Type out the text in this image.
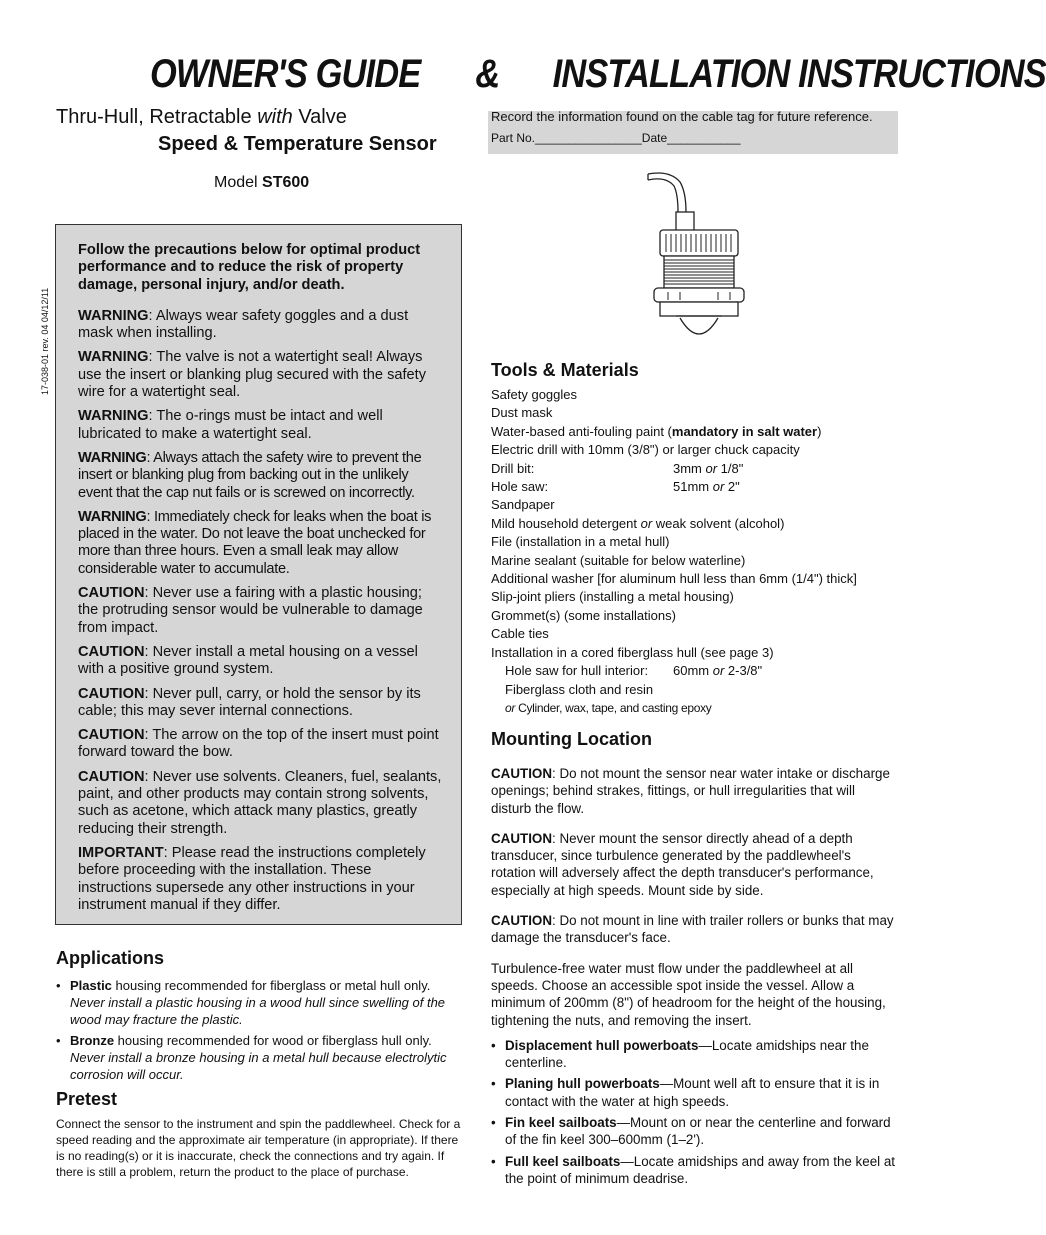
OWNER'S GUIDE & INSTALLATION INSTRUCTIONS
Thru-Hull, Retractable with Valve
Speed & Temperature Sensor
Model ST600
Record the information found on the cable tag for future reference.
Part No.________________Date___________
17-038-01 rev. 04 04/12/11

Follow the precautions below for optimal product performance and to reduce the risk of property damage, personal injury, and/or death.

WARNING: Always wear safety goggles and a dust mask when installing.

WARNING: The valve is not a watertight seal! Always use the insert or blanking plug secured with the safety wire for a watertight seal.

WARNING: The o-rings must be intact and well lubricated to make a watertight seal.

WARNING: Always attach the safety wire to prevent the insert or blanking plug from backing out in the unlikely event that the cap nut fails or is screwed on incorrectly.

WARNING: Immediately check for leaks when the boat is placed in the water. Do not leave the boat unchecked for more than three hours. Even a small leak may allow considerable water to accumulate.

CAUTION: Never use a fairing with a plastic housing; the protruding sensor would be vulnerable to damage from impact.

CAUTION: Never install a metal housing on a vessel with a positive ground system.

CAUTION: Never pull, carry, or hold the sensor by its cable; this may sever internal connections.

CAUTION: The arrow on the top of the insert must point forward toward the bow.

CAUTION: Never use solvents. Cleaners, fuel, sealants, paint, and other products may contain strong solvents, such as acetone, which attack many plastics, greatly reducing their strength.

IMPORTANT: Please read the instructions completely before proceeding with the installation. These instructions supersede any other instructions in your instrument manual if they differ.

Applications
• Plastic housing recommended for fiberglass or metal hull only.
Never install a plastic housing in a wood hull since swelling of the wood may fracture the plastic.
• Bronze housing recommended for wood or fiberglass hull only.
Never install a bronze housing in a metal hull because electrolytic corrosion will occur.
Pretest
Connect the sensor to the instrument and spin the paddlewheel. Check for a speed reading and the approximate air temperature (in appropriate). If there is no reading(s) or it is inaccurate, check the connections and try again. If there is still a problem, return the product to the place of purchase.
Tools & Materials
Safety goggles
Dust mask
Water-based anti-fouling paint (mandatory in salt water)
Electric drill with 10mm (3/8") or larger chuck capacity
Drill bit:	3mm or 1/8"
Hole saw:	51mm or 2"
Sandpaper
Mild household detergent or weak solvent (alcohol)
File (installation in a metal hull)
Marine sealant (suitable for below waterline)
Additional washer [for aluminum hull less than 6mm (1/4") thick]
Slip-joint pliers (installing a metal housing)
Grommet(s) (some installations)
Cable ties
Installation in a cored fiberglass hull (see page 3)
Hole saw for hull interior: 60mm or 2-3/8"
Fiberglass cloth and resin
or Cylinder, wax, tape, and casting epoxy
Mounting Location

CAUTION: Do not mount the sensor near water intake or discharge openings; behind strakes, fittings, or hull irregularities that will disturb the flow.

CAUTION: Never mount the sensor directly ahead of a depth transducer, since turbulence generated by the paddlewheel's rotation will adversely affect the depth transducer's performance, especially at high speeds. Mount side by side.

CAUTION: Do not mount in line with trailer rollers or bunks that may damage the transducer's face.

Turbulence-free water must flow under the paddlewheel at all speeds. Choose an accessible spot inside the vessel. Allow a minimum of 200mm (8") of headroom for the height of the housing, tightening the nuts, and removing the insert.

• Displacement hull powerboats—Locate amidships near the centerline.
• Planing hull powerboats—Mount well aft to ensure that it is in contact with the water at high speeds.
• Fin keel sailboats—Mount on or near the centerline and forward of the fin keel 300–600mm (1–2').
• Full keel sailboats—Locate amidships and away from the keel at the point of minimum deadrise.
